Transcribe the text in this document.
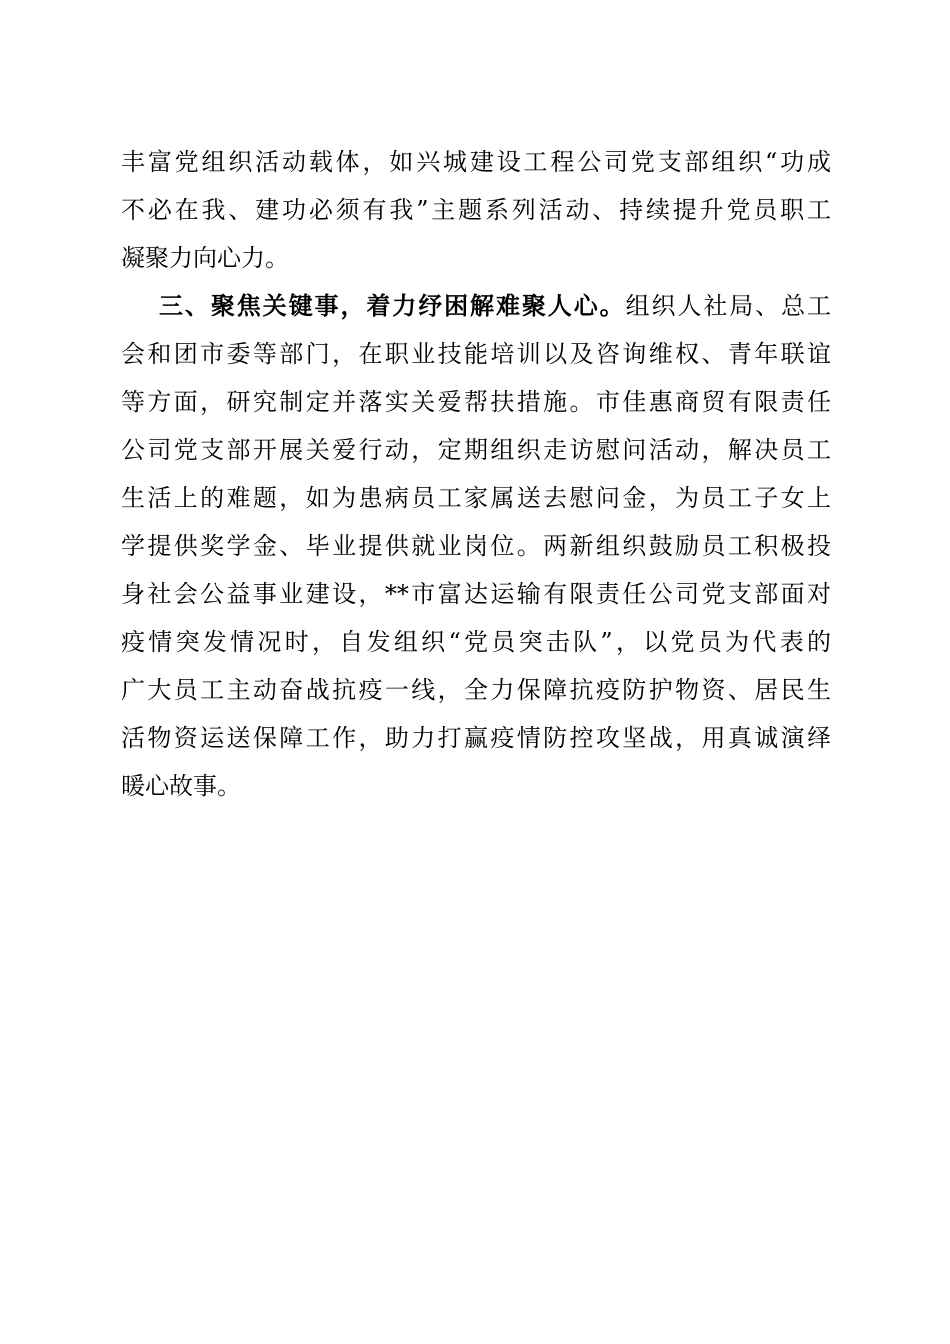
丰富党组织活动载体，如兴城建设工程公司党支部组织“功成
不必在我、建功必须有我”主题系列活动、持续提升党员职工
凝聚力向心力。
三、聚焦关键事，着力纾困解难聚人心。组织人社局、总工
会和团市委等部门，在职业技能培训以及咨询维权、青年联谊
等方面，研究制定并落实关爱帮扶措施。市佳惠商贸有限责任
公司党支部开展关爱行动，定期组织走访慰问活动，解决员工
生活上的难题，如为患病员工家属送去慰问金，为员工子女上
学提供奖学金、毕业提供就业岗位。两新组织鼓励员工积极投
身社会公益事业建设，**市富达运输有限责任公司党支部面对
疫情突发情况时，自发组织“党员突击队”，以党员为代表的
广大员工主动奋战抗疫一线，全力保障抗疫防护物资、居民生
活物资运送保障工作，助力打赢疫情防控攻坚战，用真诚演绎
暖心故事。
